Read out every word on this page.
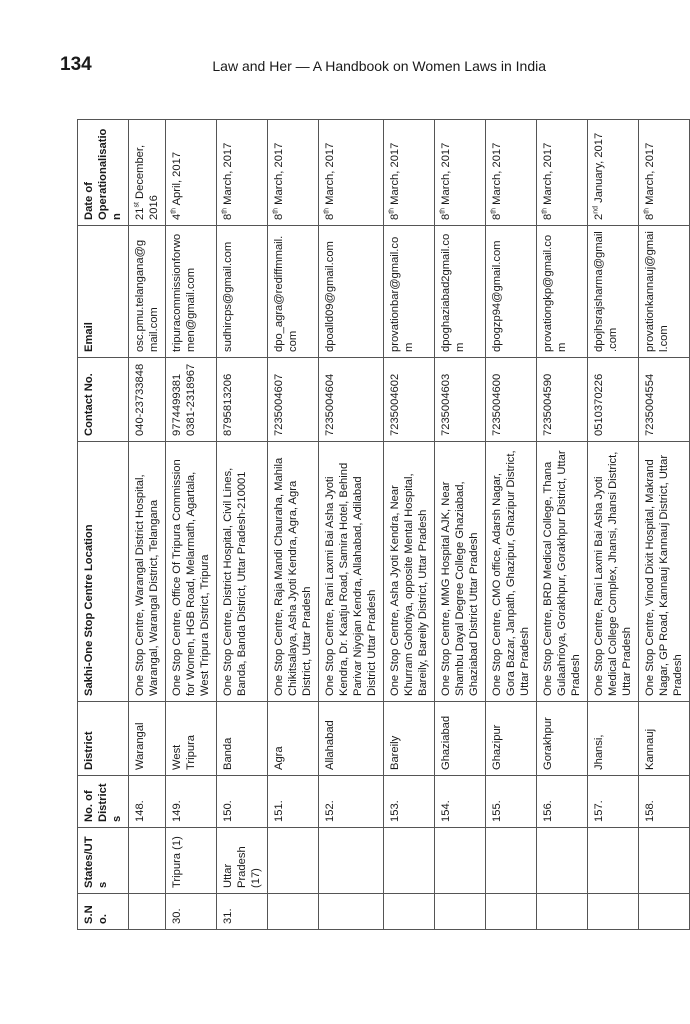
134	Law and Her — A Handbook on Women Laws in India
S.No.	States/UTs	No. of Districts	District	Sakhi-One Stop Centre Location	Contact No.	Email	Date of Operationalisation
		148.	Warangal	One Stop Centre, Warangal District Hospital, Warangal, Warangal District, Telangana	040-23733848	osc.pmu.telangana@gmail.com	21st December, 2016
30.	Tripura (1)	149.	West Tripura	One Stop Centre, Office Of Tripura Commission for Women, HGB Road, Melarmath, Agartala, West Tripura District, Tripura	9774499381 0381-2318967	tripuracommissionforwomen@gmail.com	4th April, 2017
31.	Uttar Pradesh (17)	150.	Banda	One Stop Centre, District Hospital, Civil Lines, Banda, Banda District, Uttar Pradesh-210001	8795813206	sudhircps@gmail.com	8th March, 2017
		151.	Agra	One Stop Centre, Raja Mandi Chauraha, Mahila Chikitsalaya, Asha Jyoti Kendra, Agra, Agra District, Uttar Pradesh	7235004607	dpo_agra@rediffmmail.com	8th March, 2017
		152.	Allahabad	One Stop Centre, Rani Laxmi Bai Asha Jyoti Kendra, Dr. Kaatju Road, Samira Hotel, Behind Parivar Niyojan Kendra, Allahabad, Adilabad District Uttar Pradesh	7235004604	dpoalld09@gmail.com	8th March, 2017
		153.	Bareily	One Stop Centre, Asha Jyoti Kendra, Near Khurram Gohotiya, opposite Mental Hospital, Bareily, Bareily District, Uttar Pradesh	7235004602	provationbar@gmail.com	8th March, 2017
		154.	Ghaziabad	One Stop Centre, MMG Hospital AJK, Near Shambu Dayal Degree College Ghaziabad, Ghaziabad District Uttar Pradesh	7235004603	dpoghaziabad2gmail.com	8th March, 2017
		155.	Ghazipur	One Stop Centre, CMO office, Adarsh Nagar, Gora Bazar, Janpath, Ghazipur, Ghazipur District, Uttar Pradesh	7235004600	dpogzp94@gmail.com	8th March, 2017
		156.	Gorakhpur	One Stop Centre, BRD Medical College, Thana Gulaahrioya, Gorakhpur, Gorakhpur District, Uttar Pradesh	7235004590	provationgkp@gmail.com	8th March, 2017
		157.	Jhansi,	One Stop Centre, Rani Laxmi Bai Asha Jyoti Medical College Complex, Jhansi, Jhansi District, Uttar Pradesh	0510370226	dpojhsrajsharma@gmail.com	2nd January, 2017
		158.	Kannauj	One Stop Centre, Vinod Dixit Hospital, Makrand Nagar, GP Road, Kannauj Kannauj District, Uttar Pradesh	7235004554	provationkannauj@gmail.com	8th March, 2017
